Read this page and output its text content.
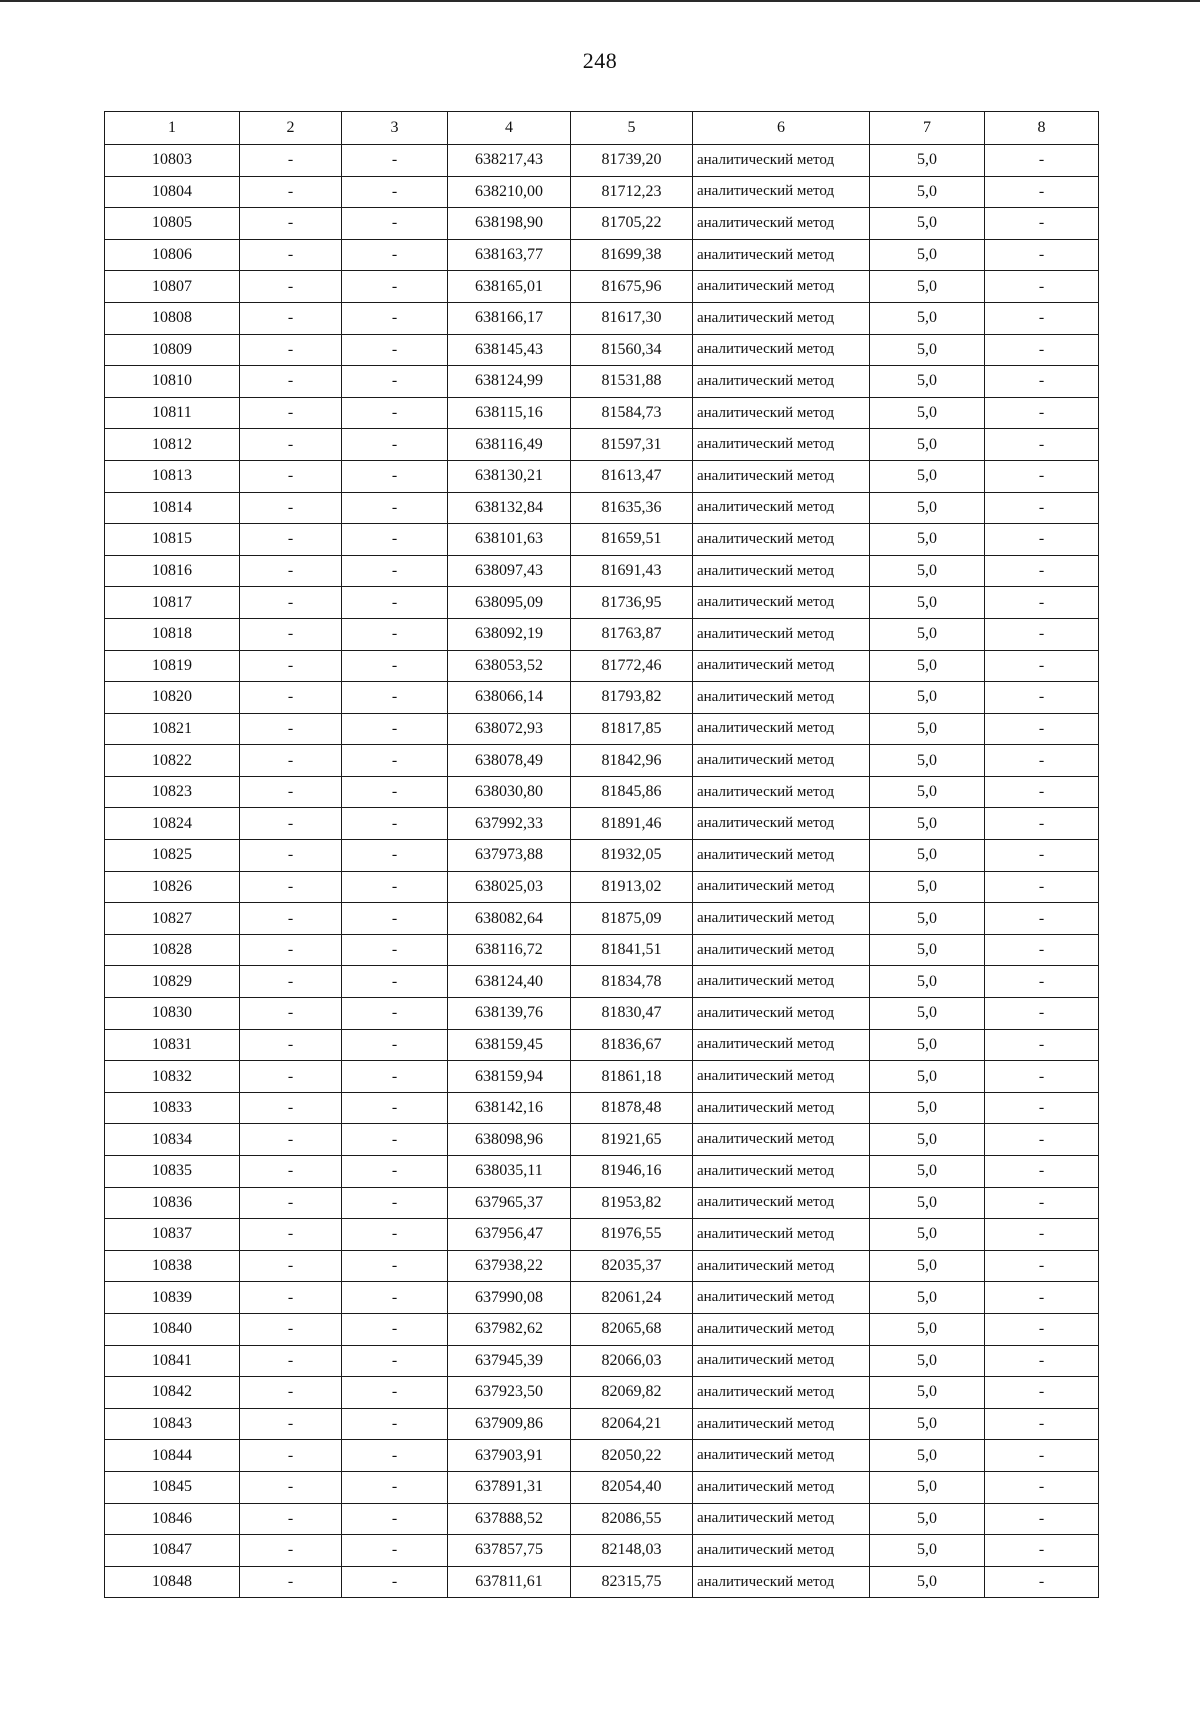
248
1	2	3	4	5	6	7	8
10803	-	-	638217,43	81739,20	аналитический метод	5,0	-
10804	-	-	638210,00	81712,23	аналитический метод	5,0	-
10805	-	-	638198,90	81705,22	аналитический метод	5,0	-
10806	-	-	638163,77	81699,38	аналитический метод	5,0	-
10807	-	-	638165,01	81675,96	аналитический метод	5,0	-
10808	-	-	638166,17	81617,30	аналитический метод	5,0	-
10809	-	-	638145,43	81560,34	аналитический метод	5,0	-
10810	-	-	638124,99	81531,88	аналитический метод	5,0	-
10811	-	-	638115,16	81584,73	аналитический метод	5,0	-
10812	-	-	638116,49	81597,31	аналитический метод	5,0	-
10813	-	-	638130,21	81613,47	аналитический метод	5,0	-
10814	-	-	638132,84	81635,36	аналитический метод	5,0	-
10815	-	-	638101,63	81659,51	аналитический метод	5,0	-
10816	-	-	638097,43	81691,43	аналитический метод	5,0	-
10817	-	-	638095,09	81736,95	аналитический метод	5,0	-
10818	-	-	638092,19	81763,87	аналитический метод	5,0	-
10819	-	-	638053,52	81772,46	аналитический метод	5,0	-
10820	-	-	638066,14	81793,82	аналитический метод	5,0	-
10821	-	-	638072,93	81817,85	аналитический метод	5,0	-
10822	-	-	638078,49	81842,96	аналитический метод	5,0	-
10823	-	-	638030,80	81845,86	аналитический метод	5,0	-
10824	-	-	637992,33	81891,46	аналитический метод	5,0	-
10825	-	-	637973,88	81932,05	аналитический метод	5,0	-
10826	-	-	638025,03	81913,02	аналитический метод	5,0	-
10827	-	-	638082,64	81875,09	аналитический метод	5,0	-
10828	-	-	638116,72	81841,51	аналитический метод	5,0	-
10829	-	-	638124,40	81834,78	аналитический метод	5,0	-
10830	-	-	638139,76	81830,47	аналитический метод	5,0	-
10831	-	-	638159,45	81836,67	аналитический метод	5,0	-
10832	-	-	638159,94	81861,18	аналитический метод	5,0	-
10833	-	-	638142,16	81878,48	аналитический метод	5,0	-
10834	-	-	638098,96	81921,65	аналитический метод	5,0	-
10835	-	-	638035,11	81946,16	аналитический метод	5,0	-
10836	-	-	637965,37	81953,82	аналитический метод	5,0	-
10837	-	-	637956,47	81976,55	аналитический метод	5,0	-
10838	-	-	637938,22	82035,37	аналитический метод	5,0	-
10839	-	-	637990,08	82061,24	аналитический метод	5,0	-
10840	-	-	637982,62	82065,68	аналитический метод	5,0	-
10841	-	-	637945,39	82066,03	аналитический метод	5,0	-
10842	-	-	637923,50	82069,82	аналитический метод	5,0	-
10843	-	-	637909,86	82064,21	аналитический метод	5,0	-
10844	-	-	637903,91	82050,22	аналитический метод	5,0	-
10845	-	-	637891,31	82054,40	аналитический метод	5,0	-
10846	-	-	637888,52	82086,55	аналитический метод	5,0	-
10847	-	-	637857,75	82148,03	аналитический метод	5,0	-
10848	-	-	637811,61	82315,75	аналитический метод	5,0	-
